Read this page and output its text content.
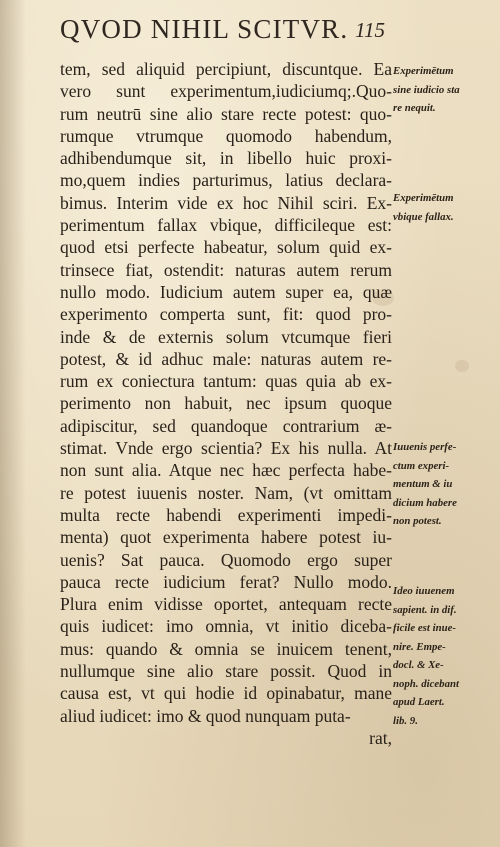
QVOD NIHIL SCITVR. 115
tem, sed aliquid percipiunt, discuntque. Ea
vero sunt experimentum,iudiciumq;.Quo-
rum neutrū sine alio stare recte potest: quo-
rumque vtrumque quomodo habendum,
adhibendumque sit, in libello huic proxi-
mo,quem indies parturimus, latius declara-
bimus. Interim vide ex hoc Nihil sciri. Ex-
perimentum fallax vbique, difficileque est:
quod etsi perfecte habeatur, solum quid ex-
trinsece fiat, ostendit: naturas autem rerum
nullo modo. Iudicium autem super ea, quæ
experimento comperta sunt, fit: quod pro-
inde & de externis solum vtcumque fieri
potest, & id adhuc male: naturas autem re-
rum ex coniectura tantum: quas quia ab ex-
perimento non habuit, nec ipsum quoque
adipiscitur, sed quandoque contrarium æ-
stimat. Vnde ergo scientia? Ex his nulla. At
non sunt alia. Atque nec hæc perfecta habe-
re potest iuuenis noster. Nam, (vt omittam
multa recte habendi experimenti impedi-
menta) quot experimenta habere potest iu-
uenis? Sat pauca. Quomodo ergo super
pauca recte iudicium ferat? Nullo modo.
Plura enim vidisse oportet, antequam recte
quis iudicet: imo omnia, vt initio diceba-
mus: quando & omnia se inuicem tenent,
nullumque sine alio stare possit. Quod in
causa est, vt qui hodie id opinabatur, mane
aliud iudicet: imo & quod nunquam puta-
rat,
Experimētum
sine iudicio sta
re nequit.
Experimētum
vbique fallax.
Iuuenis perfe-
ctum experi-
mentum & iu
dicium habere
non potest.
Ideo iuuenem
sapient. in dif.
ficile est inue-
nire. Empe-
docl. & Xe-
noph. dicebant
apud Laert.
lib. 9.
